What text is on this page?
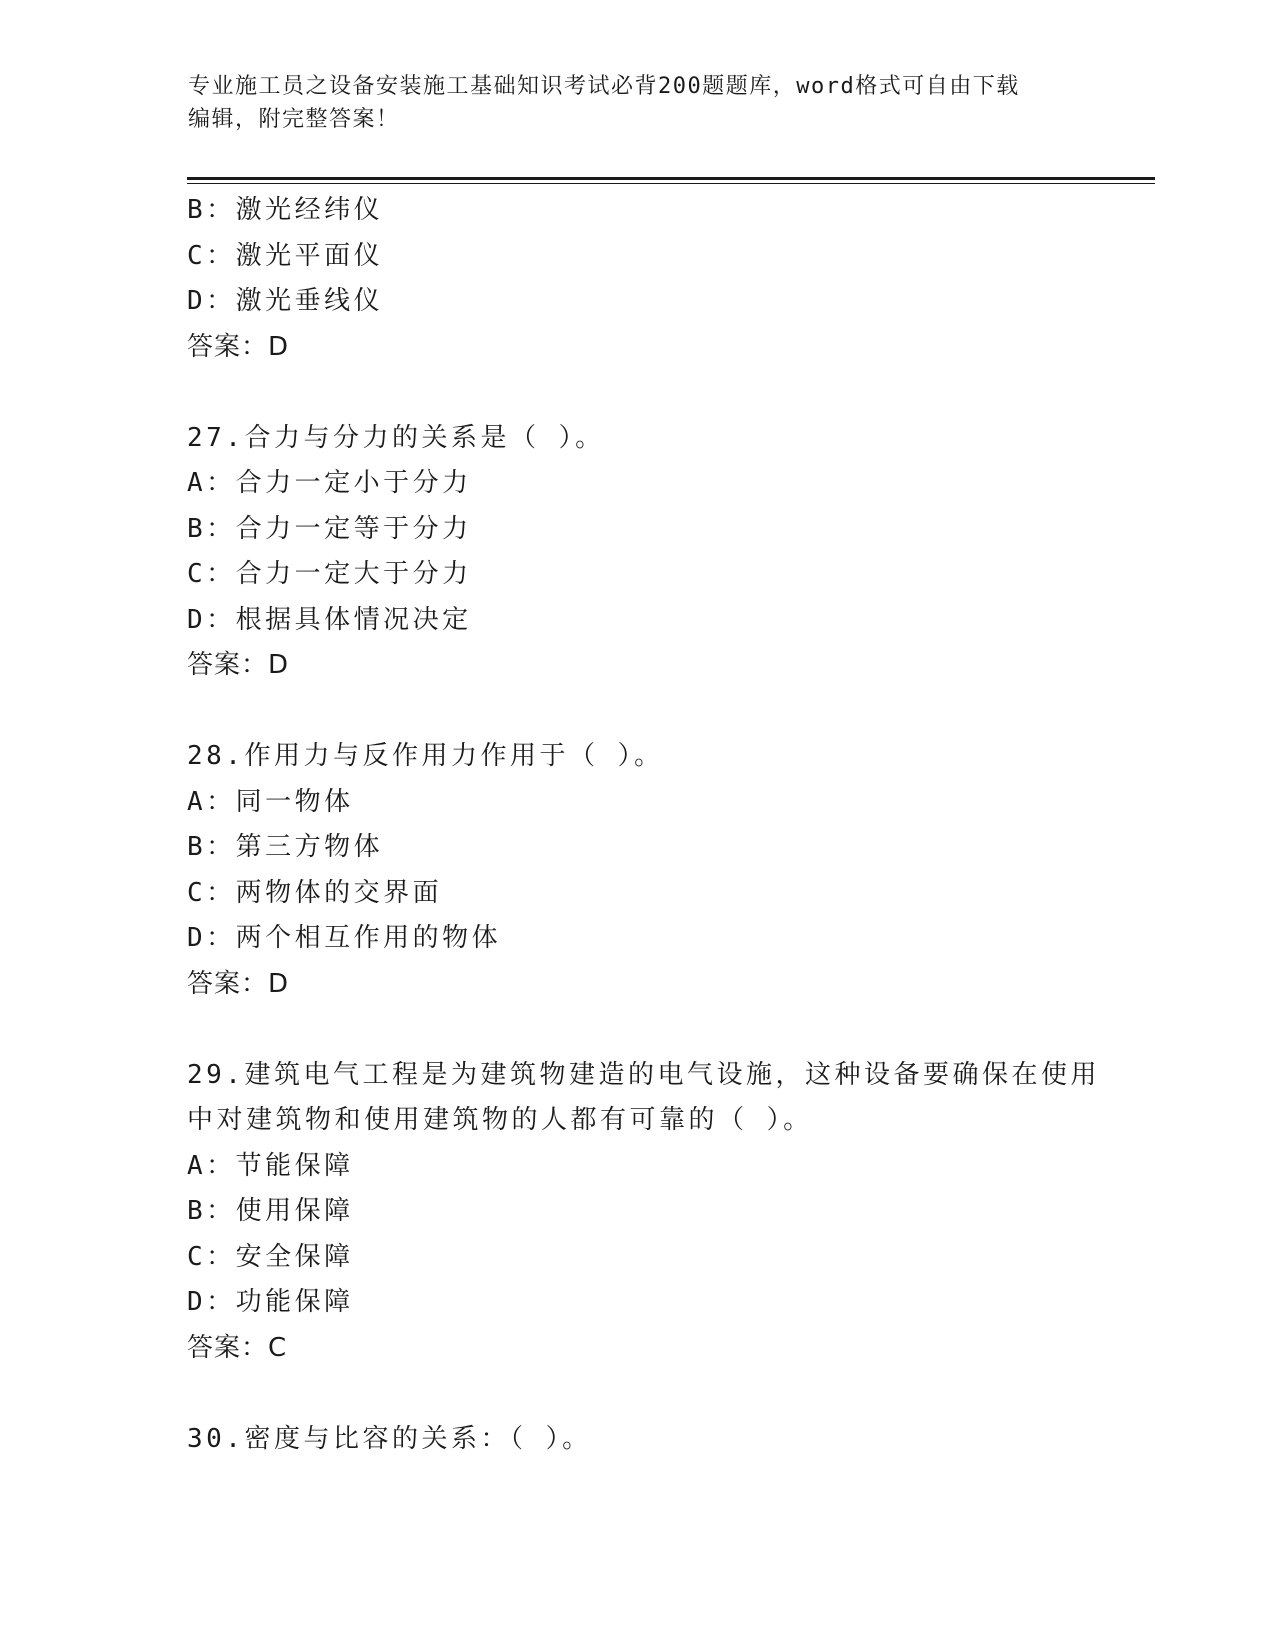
专业施工员之设备安装施工基础知识考试必背200题题库，word格式可自由下载
编辑，附完整答案！
B：激光经纬仪
C：激光平面仪
D：激光垂线仪
答案：D
27.合力与分力的关系是（ ）。
A：合力一定小于分力
B：合力一定等于分力
C：合力一定大于分力
D：根据具体情况决定
答案：D
28.作用力与反作用力作用于（ ）。
A：同一物体
B：第三方物体
C：两物体的交界面
D：两个相互作用的物体
答案：D
29.建筑电气工程是为建筑物建造的电气设施，这种设备要确保在使用
中对建筑物和使用建筑物的人都有可靠的（ ）。
A：节能保障
B：使用保障
C：安全保障
D：功能保障
答案：C
30.密度与比容的关系：（ ）。
